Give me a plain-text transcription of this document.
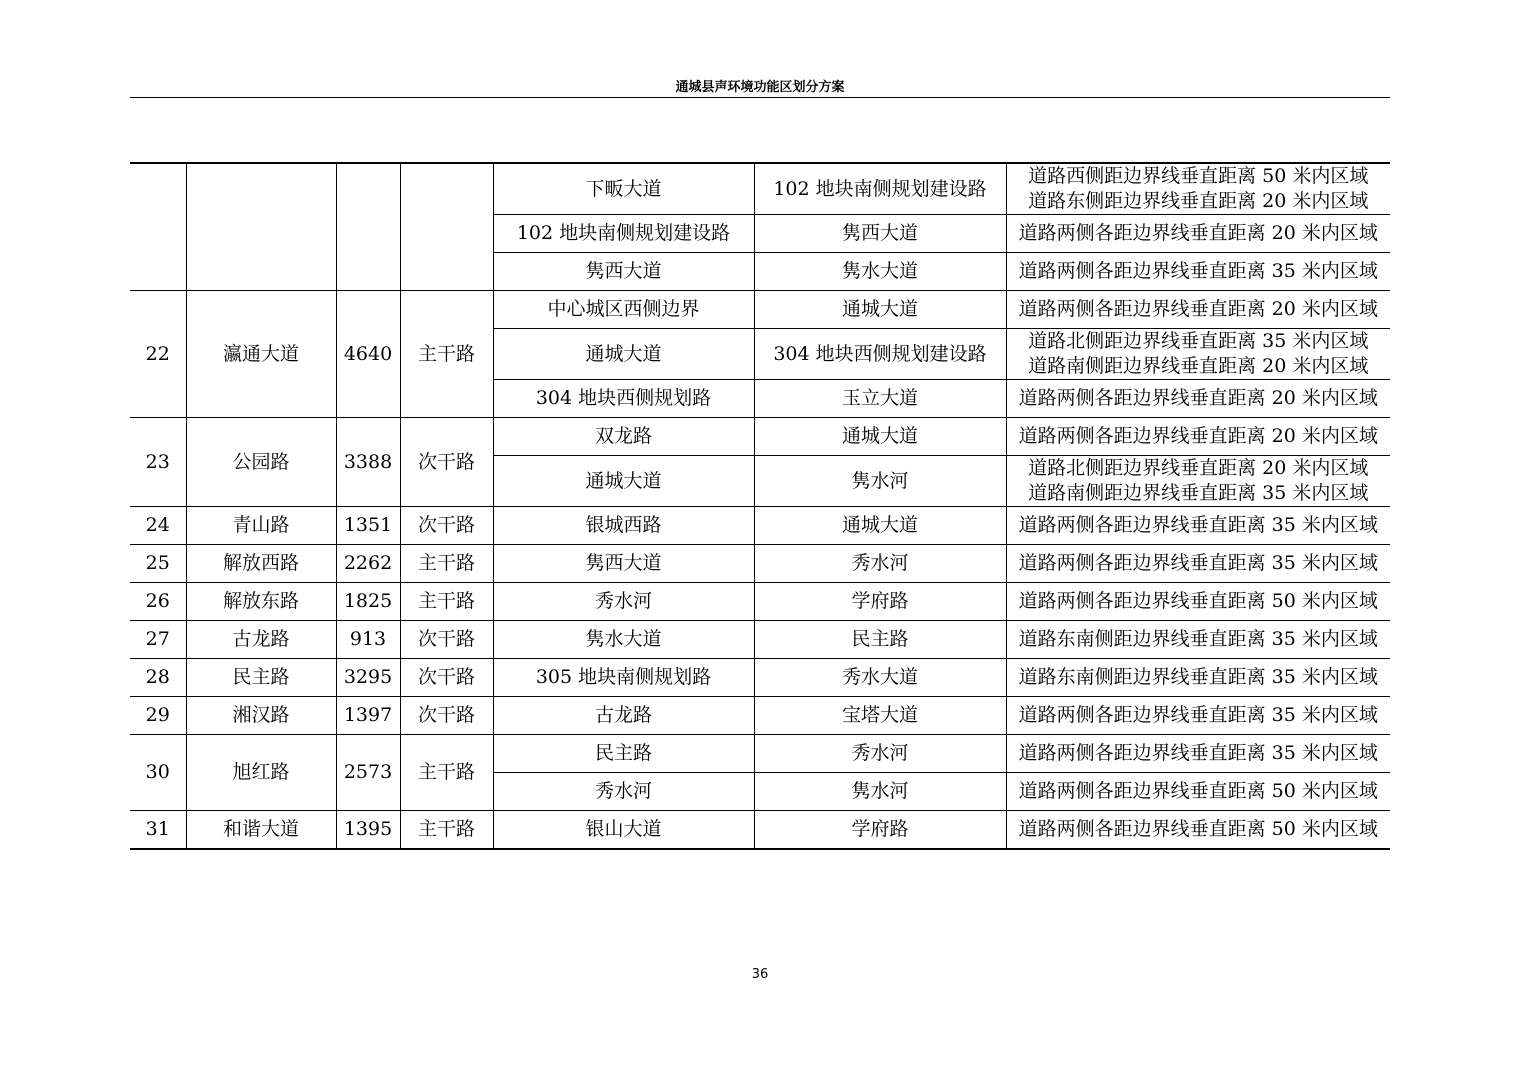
通城县声环境功能区划分方案
				下畈大道	102 地块南侧规划建设路	道路西侧距边界线垂直距离 50 米内区域
道路东侧距边界线垂直距离 20 米内区域

				102 地块南侧规划建设路	隽西大道	道路两侧各距边界线垂直距离 20 米内区域

				隽西大道	隽水大道	道路两侧各距边界线垂直距离 35 米内区域

22	瀛通大道	4640	主干路	中心城区西侧边界	通城大道	道路两侧各距边界线垂直距离 20 米内区域

				通城大道	304 地块西侧规划建设路	道路北侧距边界线垂直距离 35 米内区域
道路南侧距边界线垂直距离 20 米内区域

				304 地块西侧规划路	玉立大道	道路两侧各距边界线垂直距离 20 米内区域

23	公园路	3388	次干路	双龙路	通城大道	道路两侧各距边界线垂直距离 20 米内区域

				通城大道	隽水河	道路北侧距边界线垂直距离 20 米内区域
道路南侧距边界线垂直距离 35 米内区域

24	青山路	1351	次干路	银城西路	通城大道	道路两侧各距边界线垂直距离 35 米内区域

25	解放西路	2262	主干路	隽西大道	秀水河	道路两侧各距边界线垂直距离 35 米内区域

26	解放东路	1825	主干路	秀水河	学府路	道路两侧各距边界线垂直距离 50 米内区域

27	古龙路	913	次干路	隽水大道	民主路	道路东南侧距边界线垂直距离 35 米内区域

28	民主路	3295	次干路	305 地块南侧规划路	秀水大道	道路东南侧距边界线垂直距离 35 米内区域

29	湘汉路	1397	次干路	古龙路	宝塔大道	道路两侧各距边界线垂直距离 35 米内区域

30	旭红路	2573	主干路	民主路	秀水河	道路两侧各距边界线垂直距离 35 米内区域

				秀水河	隽水河	道路两侧各距边界线垂直距离 50 米内区域

31	和谐大道	1395	主干路	银山大道	学府路	道路两侧各距边界线垂直距离 50 米内区域
36
